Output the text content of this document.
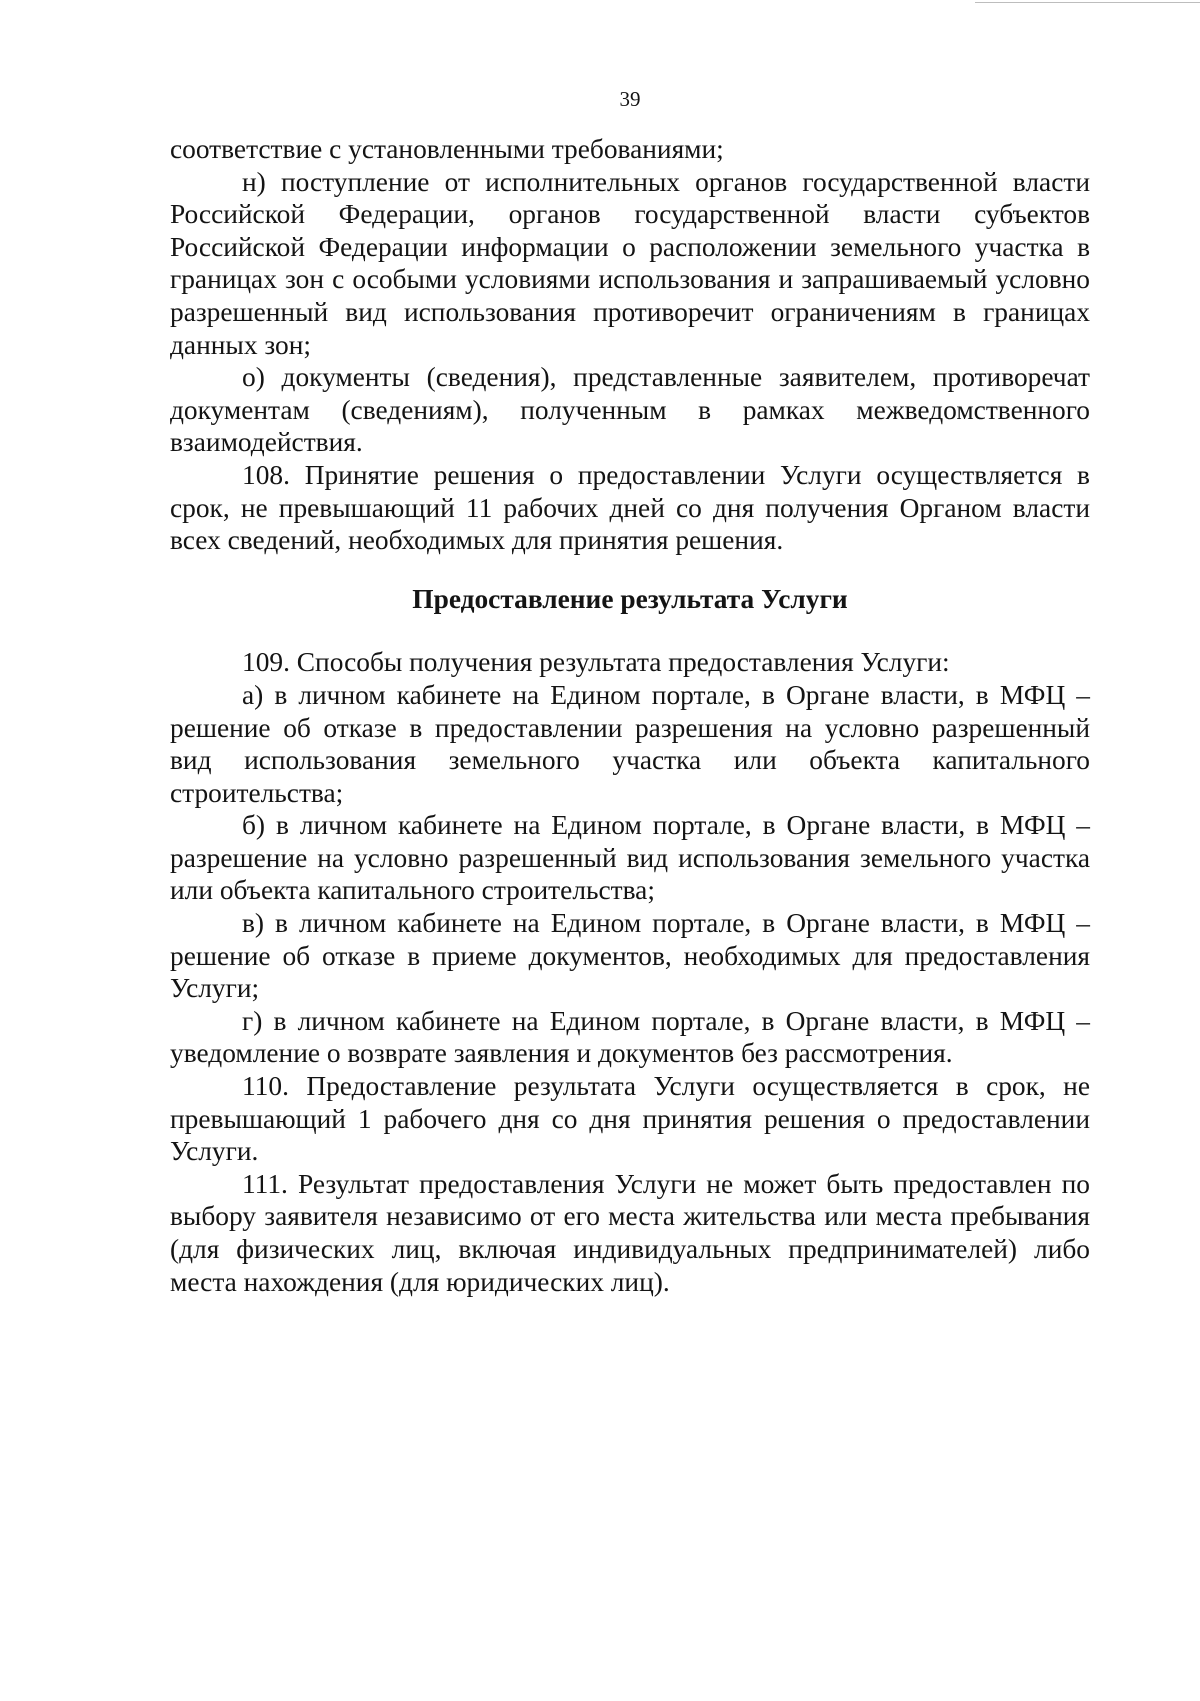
39

соответствие с установленными требованиями;

н) поступление от исполнительных органов государственной власти Российской Федерации, органов государственной власти субъектов Российской Федерации информации о расположении земельного участка в границах зон с особыми условиями использования и запрашиваемый условно разрешенный вид использования противоречит ограничениям в границах данных зон;

о) документы (сведения), представленные заявителем, противоречат документам (сведениям), полученным в рамках межведомственного взаимодействия.

108. Принятие решения о предоставлении Услуги осуществляется в срок, не превышающий 11 рабочих дней со дня получения Органом власти всех сведений, необходимых для принятия решения.

Предоставление результата Услуги

109. Способы получения результата предоставления Услуги:

а) в личном кабинете на Едином портале, в Органе власти, в МФЦ – решение об отказе в предоставлении разрешения на условно разрешенный вид использования земельного участка или объекта капитального строительства;

б) в личном кабинете на Едином портале, в Органе власти, в МФЦ – разрешение на условно разрешенный вид использования земельного участка или объекта капитального строительства;

в) в личном кабинете на Едином портале, в Органе власти, в МФЦ – решение об отказе в приеме документов, необходимых для предоставления Услуги;

г) в личном кабинете на Едином портале, в Органе власти, в МФЦ – уведомление о возврате заявления и документов без рассмотрения.

110. Предоставление результата Услуги осуществляется в срок, не превышающий 1 рабочего дня со дня принятия решения о предоставлении Услуги.

111. Результат предоставления Услуги не может быть предоставлен по выбору заявителя независимо от его места жительства или места пребывания (для физических лиц, включая индивидуальных предпринимателей) либо места нахождения (для юридических лиц).
